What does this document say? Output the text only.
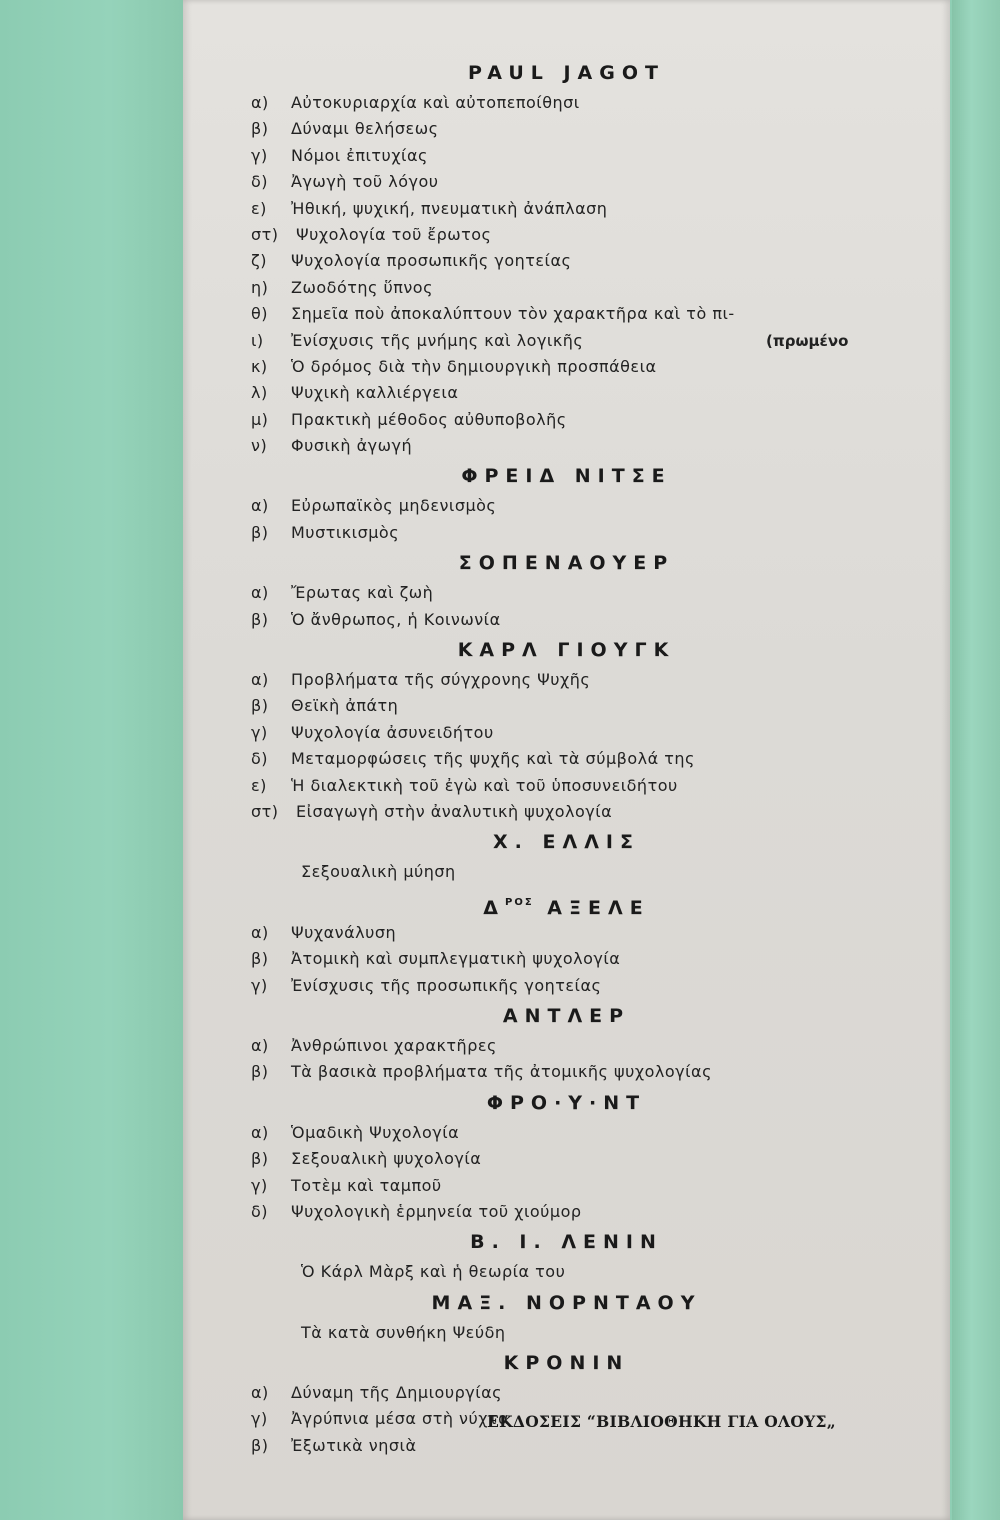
PAUL JAGOT
α)	Αὐτοκυριαρχία καὶ αὐτοπεποίθησι
β)	Δύναμι θελήσεως
γ)	Νόμοι ἐπιτυχίας
δ)	Ἀγωγὴ τοῦ λόγου
ε)	Ἠθική, ψυχική, πνευματικὴ ἀνάπλαση
στ)	Ψυχολογία τοῦ ἔρωτος
ζ)	Ψυχολογία προσωπικῆς γοητείας
η)	Ζωοδότης ὕπνος
θ)	Σημεῖα ποὺ ἀποκαλύπτουν τὸν χαρακτῆρα καὶ τὸ πι-
ι)	Ἐνίσχυσις τῆς μνήμης καὶ λογικῆς	(πρωμένο
κ)	Ὁ δρόμος διὰ τὴν δημιουργικὴ προσπάθεια
λ)	Ψυχικὴ καλλιέργεια
μ)	Πρακτικὴ μέθοδος αὐθυποβολῆς
ν)	Φυσικὴ ἀγωγή
ΦΡΕΙΔ ΝΙΤΣΕ
α)	Εὐρωπαϊκὸς μηδενισμὸς
β)	Μυστικισμὸς
ΣΟΠΕΝΑΟΥΕΡ
α)	Ἔρωτας καὶ ζωὴ
β)	Ὁ ἄνθρωπος, ἡ Κοινωνία
ΚΑΡΛ ΓΙΟΥΓΚ
α)	Προβλήματα τῆς σύγχρονης Ψυχῆς
β)	Θεϊκὴ ἀπάτη
γ)	Ψυχολογία ἀσυνειδήτου
δ)	Μεταμορφώσεις τῆς ψυχῆς καὶ τὰ σύμβολά της
ε)	Ἡ διαλεκτικὴ τοῦ ἐγὼ καὶ τοῦ ὑποσυνειδήτου
στ)	Εἰσαγωγὴ στὴν ἀναλυτικὴ ψυχολογία
Χ. ΕΛΛΙΣ
Σεξουαλικὴ μύηση
$\Delta^{PO\Sigma}$ ΑΞΕΛΕ
α)	Ψυχανάλυση
β)	Ἀτομικὴ καὶ συμπλεγματικὴ ψυχολογία
γ)	Ἐνίσχυσις τῆς προσωπικῆς γοητείας
ΑΝΤΛΕΡ
α)	Ἀνθρώπινοι χαρακτῆρες
β)	Τὰ βασικὰ προβλήματα τῆς ἀτομικῆς ψυχολογίας
ΦΡΟ·Υ·ΝΤ
α)	Ὁμαδικὴ Ψυχολογία
β)	Σεξουαλικὴ ψυχολογία
γ)	Τοτὲμ καὶ ταμποῦ
δ)	Ψυχολογικὴ ἑρμηνεία τοῦ χιούμορ
Β. Ι. ΛΕΝΙΝ
Ὁ Κάρλ Μὰρξ καὶ ἡ θεωρία του
ΜΑΞ. ΝΟΡΝΤΑΟΥ
Τὰ κατὰ συνθήκη Ψεύδη
ΚΡΟΝΙΝ
α)	Δύναμη τῆς Δημιουργίας
γ)	Ἀγρύπνια μέσα στὴ νύχτα
β)	Ἐξωτικὰ νησιὰ
ΕΚΔΟΣΕΙΣ “ΒΙΒΛΙΟΘΗΚΗ ΓΙΑ ΟΛΟΥΣ„
